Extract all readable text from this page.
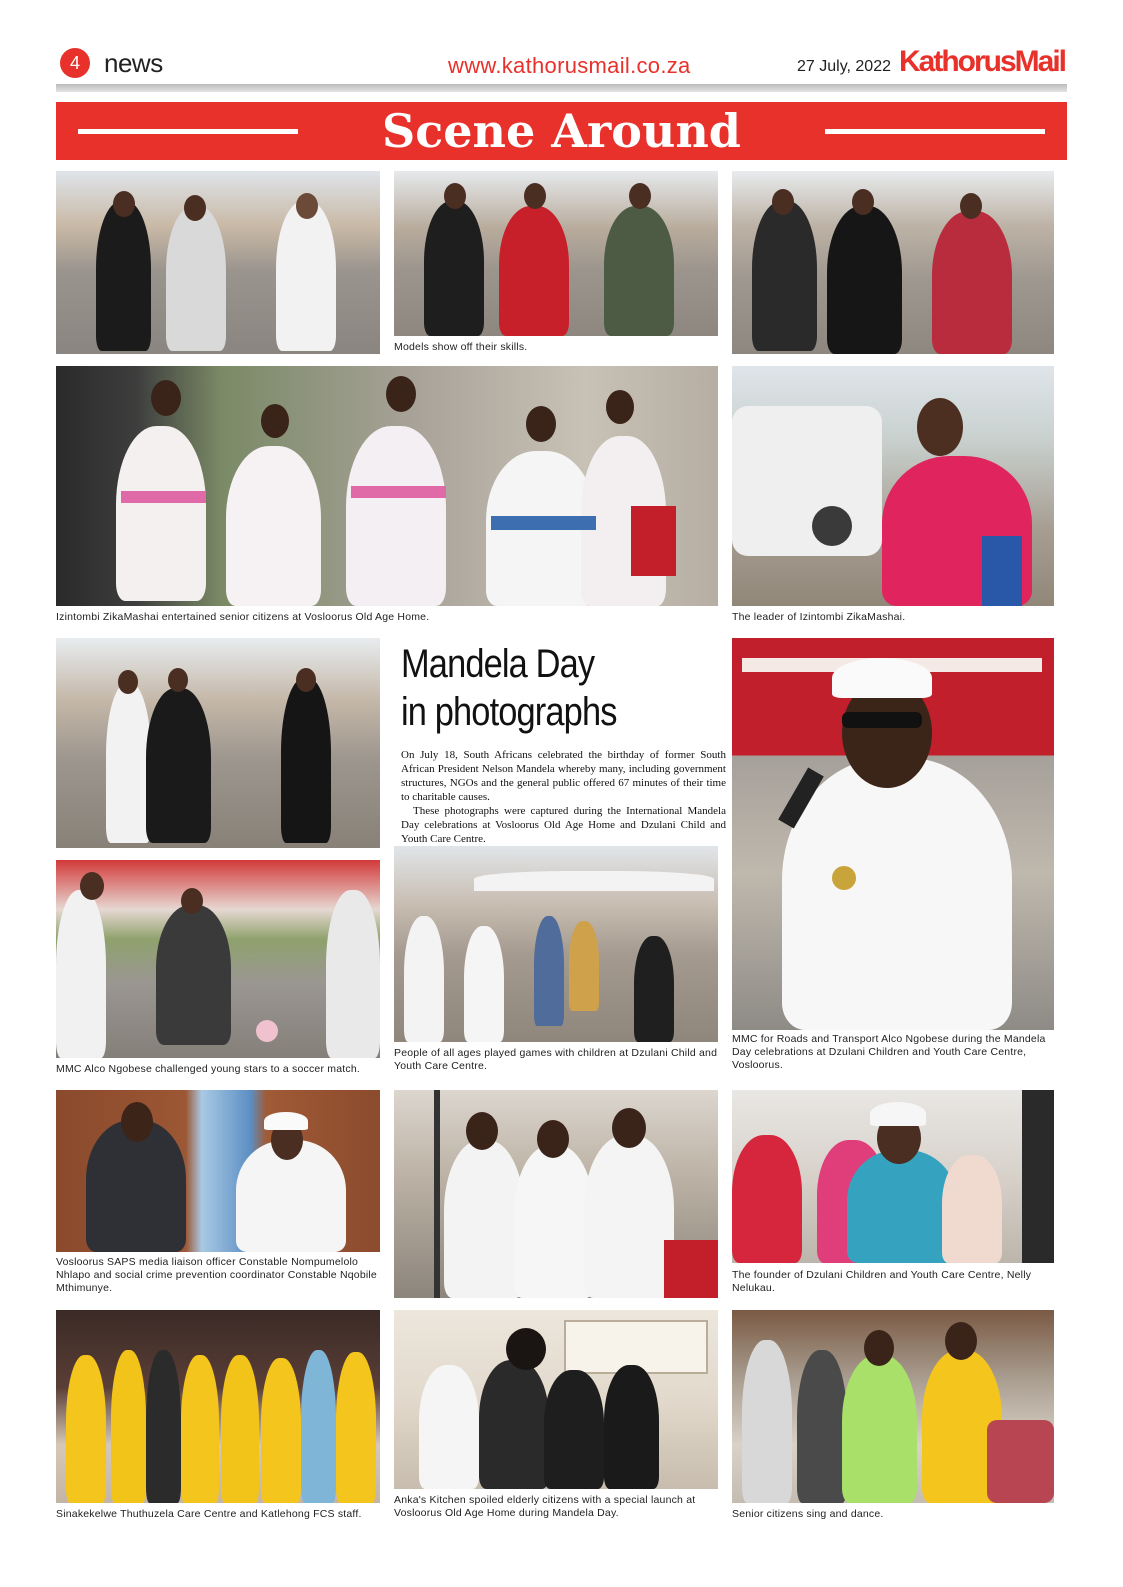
4 news	www.kathorusmail.co.za	27 July, 2022 KathorusMail
Scene Around
Models show off their skills.
Izintombi ZikaMashai entertained senior citizens at Vosloorus Old Age Home.	The leader of Izintombi ZikaMashai.
Mandela Day
in photographs

On July 18, South Africans celebrated the birthday of former South African President Nelson Mandela whereby many, including government structures, NGOs and the general public offered 67 minutes of their time to charitable causes.

These photographs were captured during the International Mandela Day celebrations at Vosloorus Old Age Home and Dzulani Child and Youth Care Centre.

MMC for Roads and Transport Alco Ngobese during the Mandela Day celebrations at Dzulani Children and Youth Care Centre, Vosloorus.
MMC Alco Ngobese challenged young stars to a soccer match.
People of all ages played games with children at Dzulani Child and Youth Care Centre.
Vosloorus SAPS media liaison officer Constable Nompumelolo Nhlapo and social crime prevention coordinator Constable Nqobile Mthimunye.
The founder of Dzulani Children and Youth Care Centre, Nelly Nelukau.
Sinakekelwe Thuthuzela Care Centre and Katlehong FCS staff.
Anka's Kitchen spoiled elderly citizens with a special launch at Vosloorus Old Age Home during Mandela Day.	Senior citizens sing and dance.
